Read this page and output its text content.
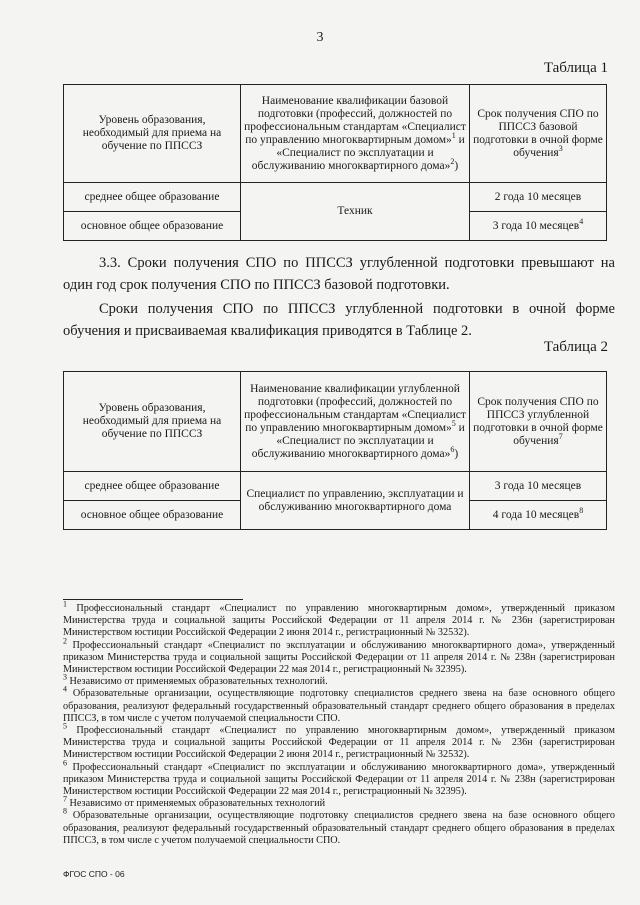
3
Таблица 1
Уровень образования, необходимый для приема на обучение по ППССЗ	Наименование квалификации базовой подготовки (профессий, должностей по профессиональным стандартам «Специалист по управлению многоквартирным домом»$^1$ и «Специалист по эксплуатации и обслуживанию многоквартирного дома»$^2$)	Срок получения СПО по ППССЗ базовой подготовки в очной форме обучения$^3$
среднее общее образование	Техник	2 года 10 месяцев
основное общее образование		3 года 10 месяцев$^4$
3.3. Сроки получения СПО по ППССЗ углубленной подготовки превышают на один год срок получения СПО по ППССЗ базовой подготовки.
Сроки получения СПО по ППССЗ углубленной подготовки в очной форме обучения и присваиваемая квалификация приводятся в Таблице 2.
Таблица 2
Уровень образования, необходимый для приема на обучение по ППССЗ	Наименование квалификации углубленной подготовки (профессий, должностей по профессиональным стандартам «Специалист по управлению многоквартирным домом»$^5$ и «Специалист по эксплуатации и обслуживанию многоквартирного дома»$^6$)	Срок получения СПО по ППССЗ углубленной подготовки в очной форме обучения$^7$
среднее общее образование	Специалист по управлению, эксплуатации и обслуживанию многоквартирного дома	3 года 10 месяцев
основное общее образование		4 года 10 месяцев$^8$
$^1$ Профессиональный стандарт «Специалист по управлению многоквартирным домом», утвержденный приказом Министерства труда и социальной защиты Российской Федерации от 11 апреля 2014 г. № 236н (зарегистрирован Министерством юстиции Российской Федерации 2 июня 2014 г., регистрационный № 32532).
$^2$ Профессиональный стандарт «Специалист по эксплуатации и обслуживанию многоквартирного дома», утвержденный приказом Министерства труда и социальной защиты Российской Федерации от 11 апреля 2014 г. № 238н (зарегистрирован Министерством юстиции Российской Федерации 22 мая 2014 г., регистрационный № 32395).
$^3$ Независимо от применяемых образовательных технологий.
$^4$ Образовательные организации, осуществляющие подготовку специалистов среднего звена на базе основного общего образования, реализуют федеральный государственный образовательный стандарт среднего общего образования в пределах ППССЗ, в том числе с учетом получаемой специальности СПО.
$^5$ Профессиональный стандарт «Специалист по управлению многоквартирным домом», утвержденный приказом Министерства труда и социальной защиты Российской Федерации от 11 апреля 2014 г. № 236н (зарегистрирован Министерством юстиции Российской Федерации 2 июня 2014 г., регистрационный № 32532).
$^6$ Профессиональный стандарт «Специалист по эксплуатации и обслуживанию многоквартирного дома», утвержденный приказом Министерства труда и социальной защиты Российской Федерации от 11 апреля 2014 г. № 238н (зарегистрирован Министерством юстиции Российской Федерации 22 мая 2014 г., регистрационный № 32395).
$^7$ Независимо от применяемых образовательных технологий
$^8$ Образовательные организации, осуществляющие подготовку специалистов среднего звена на базе основного общего образования, реализуют федеральный государственный образовательный стандарт среднего общего образования в пределах ППССЗ, в том числе с учетом получаемой специальности СПО.
ФГОС СПО - 06
